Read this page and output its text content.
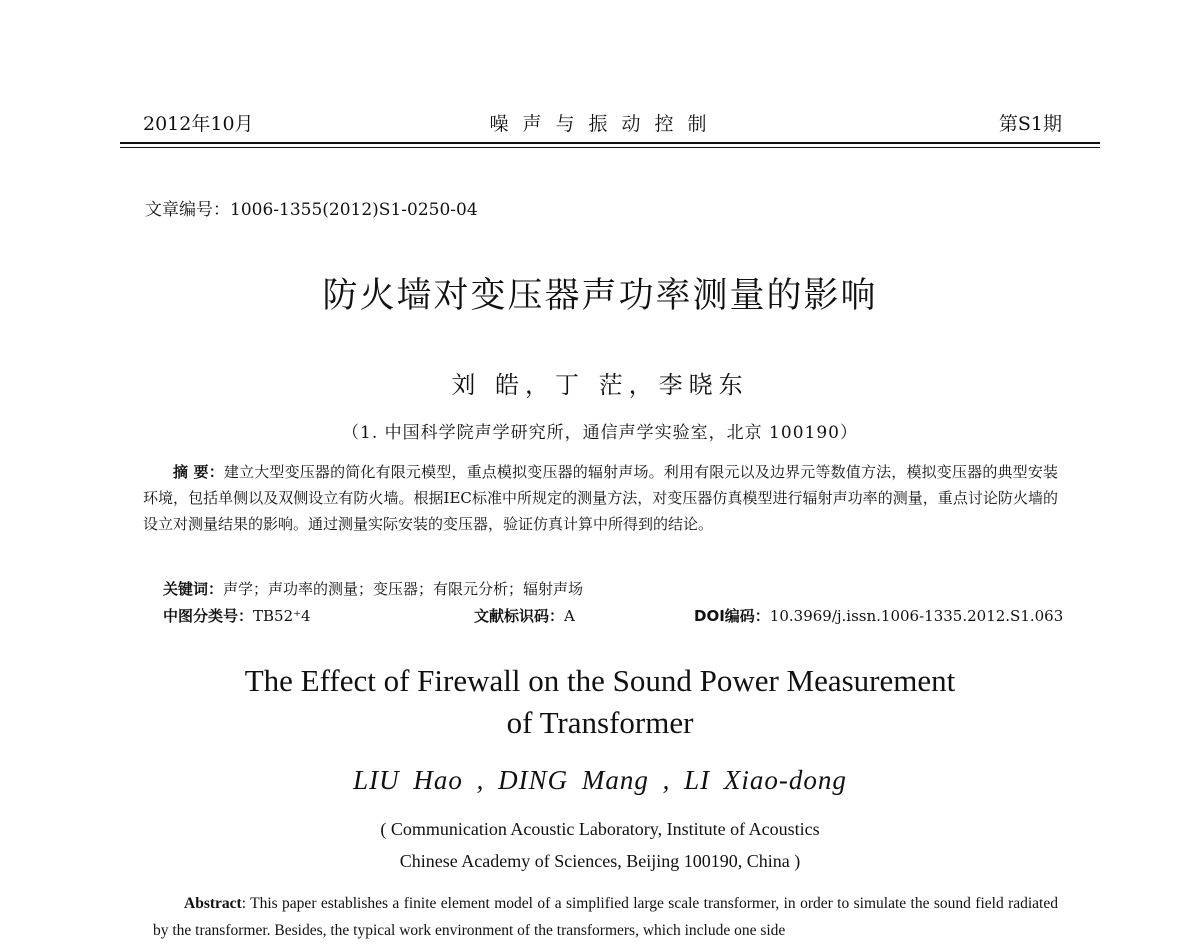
2012年10月	噪声与振动控制	第S1期
文章编号：1006-1355(2012)S1-0250-04
防火墙对变压器声功率测量的影响
刘 皓，丁 茫，李晓东
（1. 中国科学院声学研究所，通信声学实验室，北京 100190）
摘 要：建立大型变压器的简化有限元模型，重点模拟变压器的辐射声场。利用有限元以及边界元等数值方法，模拟变压器的典型安装环境，包括单侧以及双侧设立有防火墙。根据IEC标准中所规定的测量方法，对变压器仿真模型进行辐射声功率的测量，重点讨论防火墙的设立对测量结果的影响。通过测量实际安装的变压器，验证仿真计算中所得到的结论。
关键词：声学；声功率的测量；变压器；有限元分析；辐射声场
中图分类号：TB52⁺4	文献标识码：A	DOI编码：10.3969/j.issn.1006-1335.2012.S1.063
The Effect of Firewall on the Sound Power Measurement
of Transformer
LIU Hao , DING Mang , LI Xiao-dong
( Communication Acoustic Laboratory, Institute of Acoustics
Chinese Academy of Sciences, Beijing 100190, China )
Abstract: This paper establishes a finite element model of a simplified large scale transformer, in order to simulate the sound field radiated by the transformer. Besides, the typical work environment of the transformers, which include one side
